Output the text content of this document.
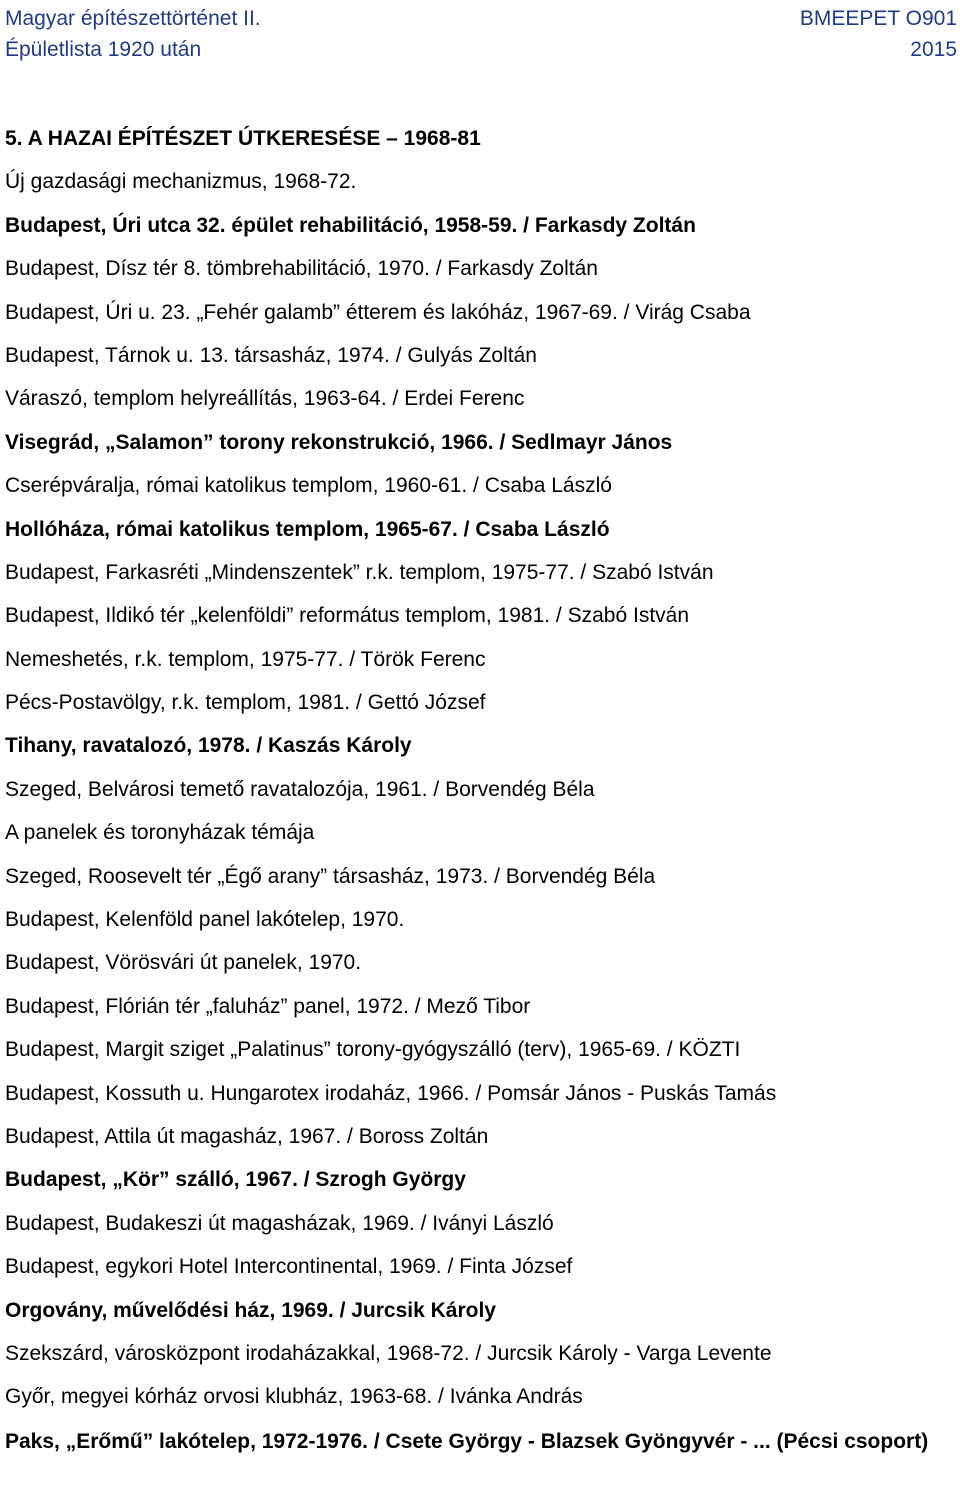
Magyar építészettörténet II.	BMEEPET O901
Épületlista 1920 után	2015
5. A HAZAI ÉPÍTÉSZET ÚTKERESÉSE – 1968-81
Új gazdasági mechanizmus, 1968-72.
Budapest, Úri utca 32. épület rehabilitáció, 1958-59. / Farkasdy Zoltán
Budapest, Dísz tér 8. tömbrehabilitáció, 1970. / Farkasdy Zoltán
Budapest, Úri u. 23. „Fehér galamb” étterem és lakóház, 1967-69. / Virág Csaba
Budapest, Tárnok u. 13. társasház, 1974. / Gulyás Zoltán
Váraszó, templom helyreállítás, 1963-64. / Erdei Ferenc
Visegrád, „Salamon” torony rekonstrukció, 1966. / Sedlmayr János
Cserépváralja, római katolikus templom, 1960-61. / Csaba László
Hollóháza, római katolikus templom, 1965-67. / Csaba László
Budapest, Farkasréti „Mindenszentek” r.k. templom, 1975-77. / Szabó István
Budapest, Ildikó tér „kelenföldi” református templom, 1981. / Szabó István
Nemeshetés, r.k. templom, 1975-77. / Török Ferenc
Pécs-Postavölgy, r.k. templom, 1981. / Gettó József
Tihany, ravatalozó, 1978. / Kaszás Károly
Szeged, Belvárosi temető ravatalozója, 1961. / Borvendég Béla
A panelek és toronyházak témája
Szeged, Roosevelt tér „Égő arany” társasház, 1973. / Borvendég Béla
Budapest, Kelenföld panel lakótelep, 1970.
Budapest, Vörösvári út panelek, 1970.
Budapest, Flórián tér „faluház” panel, 1972. / Mező Tibor
Budapest, Margit sziget „Palatinus” torony-gyógyszálló (terv), 1965-69. / KÖZTI
Budapest, Kossuth u. Hungarotex irodaház, 1966. / Pomsár János - Puskás Tamás
Budapest, Attila út magasház, 1967. / Boross Zoltán
Budapest, „Kör” szálló, 1967. / Szrogh György
Budapest, Budakeszi út magasházak, 1969. / Iványi László
Budapest, egykori Hotel Intercontinental, 1969. / Finta József
Orgovány, művelődési ház, 1969. / Jurcsik Károly
Szekszárd, városközpont irodaházakkal, 1968-72. / Jurcsik Károly - Varga Levente
Győr, megyei kórház orvosi klubház, 1963-68. / Ivánka András
Paks, „Erőmű” lakótelep, 1972-1976. / Csete György - Blazsek Gyöngyvér - ... (Pécsi csoport)
